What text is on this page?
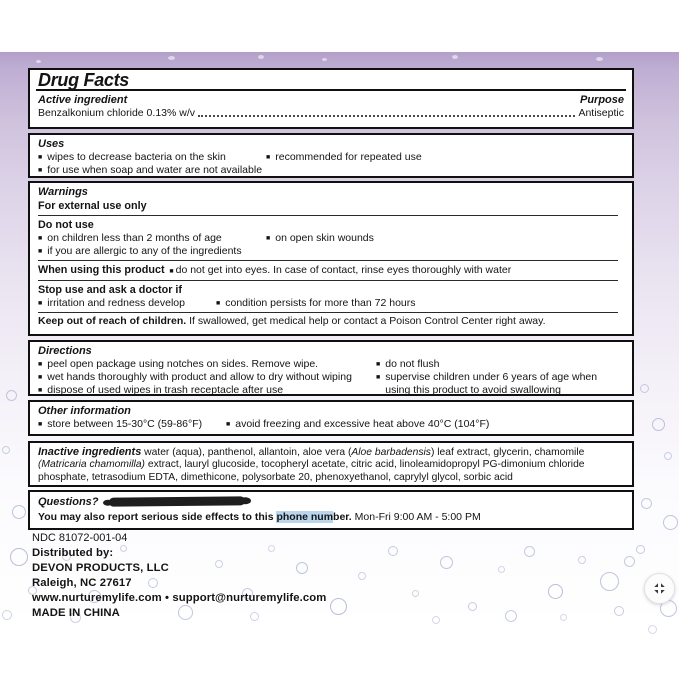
Drug Facts
Active ingredient	Purpose
Benzalkonium chloride 0.13% w/v	Antiseptic
Uses
■ wipes to decrease bacteria on the skin
■ for use when soap and water are not available
■ recommended for repeated use
Warnings
For external use only
Do not use
■ on children less than 2 months of age
■ if you are allergic to any of the ingredients
■ on open skin wounds
When using this product  ■ do not get into eyes. In case of contact, rinse eyes thoroughly with water
Stop use and ask a doctor if
■ irritation and redness develop	■ condition persists for more than 72 hours
Keep out of reach of children. If swallowed, get medical help or contact a Poison Control Center right away.
Directions
■ peel open package using notches on sides. Remove wipe.
■ wet hands thoroughly with product and allow to dry without wiping
■ dispose of used wipes in trash receptacle after use
■ do not flush
■ supervise children under 6 years of age when using this product to avoid swallowing
Other information
■ store between 15-30°C (59-86°F)	■ avoid freezing and excessive heat above 40°C (104°F)
Inactive ingredients water (aqua), panthenol, allantoin, aloe vera (Aloe barbadensis) leaf extract, glycerin, chamomile (Matricaria chamomilla) extract, lauryl glucoside, tocopheryl acetate, citric acid, linoleamidopropyl PG-dimonium chloride phosphate, tetrasodium EDTA, dimethicone, polysorbate 20, phenoxyethanol, caprylyl glycol, sorbic acid
Questions?
You may also report serious side effects to this phone number. Mon-Fri 9:00 AM - 5:00 PM
NDC 81072-001-04
Distributed by:
DEVON PRODUCTS, LLC
Raleigh, NC 27617
www.nurturemylife.com • support@nurturemylife.com
MADE IN CHINA
